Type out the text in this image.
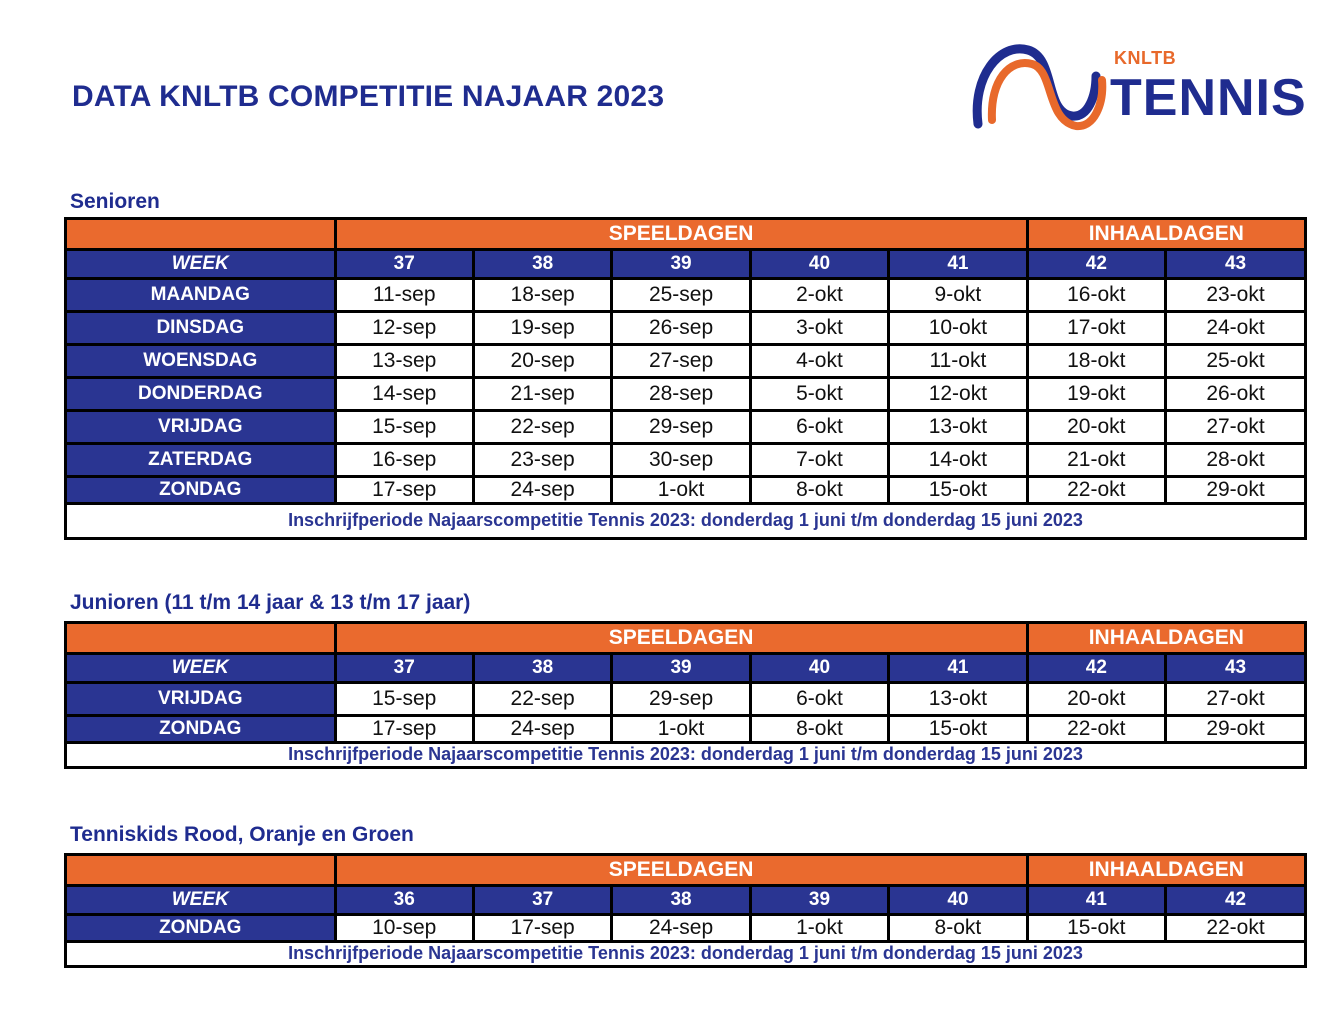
DATA KNLTB COMPETITIE NAJAAR 2023
KNLTB
TENNIS
Senioren
	SPEELDAGEN					INHAALDAGEN	
WEEK	37	38	39	40	41	42	43
MAANDAG	11-sep	18-sep	25-sep	2-okt	9-okt	16-okt	23-okt
DINSDAG	12-sep	19-sep	26-sep	3-okt	10-okt	17-okt	24-okt
WOENSDAG	13-sep	20-sep	27-sep	4-okt	11-okt	18-okt	25-okt
DONDERDAG	14-sep	21-sep	28-sep	5-okt	12-okt	19-okt	26-okt
VRIJDAG	15-sep	22-sep	29-sep	6-okt	13-okt	20-okt	27-okt
ZATERDAG	16-sep	23-sep	30-sep	7-okt	14-okt	21-okt	28-okt
ZONDAG	17-sep	24-sep	1-okt	8-okt	15-okt	22-okt	29-okt
Inschrijfperiode Najaarscompetitie Tennis 2023: donderdag 1 juni t/m donderdag 15 juni 2023							
Junioren (11 t/m 14 jaar & 13 t/m 17 jaar)
	SPEELDAGEN					INHAALDAGEN	
WEEK	37	38	39	40	41	42	43
VRIJDAG	15-sep	22-sep	29-sep	6-okt	13-okt	20-okt	27-okt
ZONDAG	17-sep	24-sep	1-okt	8-okt	15-okt	22-okt	29-okt
Inschrijfperiode Najaarscompetitie Tennis 2023: donderdag 1 juni t/m donderdag 15 juni 2023							
Tenniskids Rood, Oranje en Groen
	SPEELDAGEN					INHAALDAGEN	
WEEK	36	37	38	39	40	41	42
ZONDAG	10-sep	17-sep	24-sep	1-okt	8-okt	15-okt	22-okt
Inschrijfperiode Najaarscompetitie Tennis 2023: donderdag 1 juni t/m donderdag 15 juni 2023							
